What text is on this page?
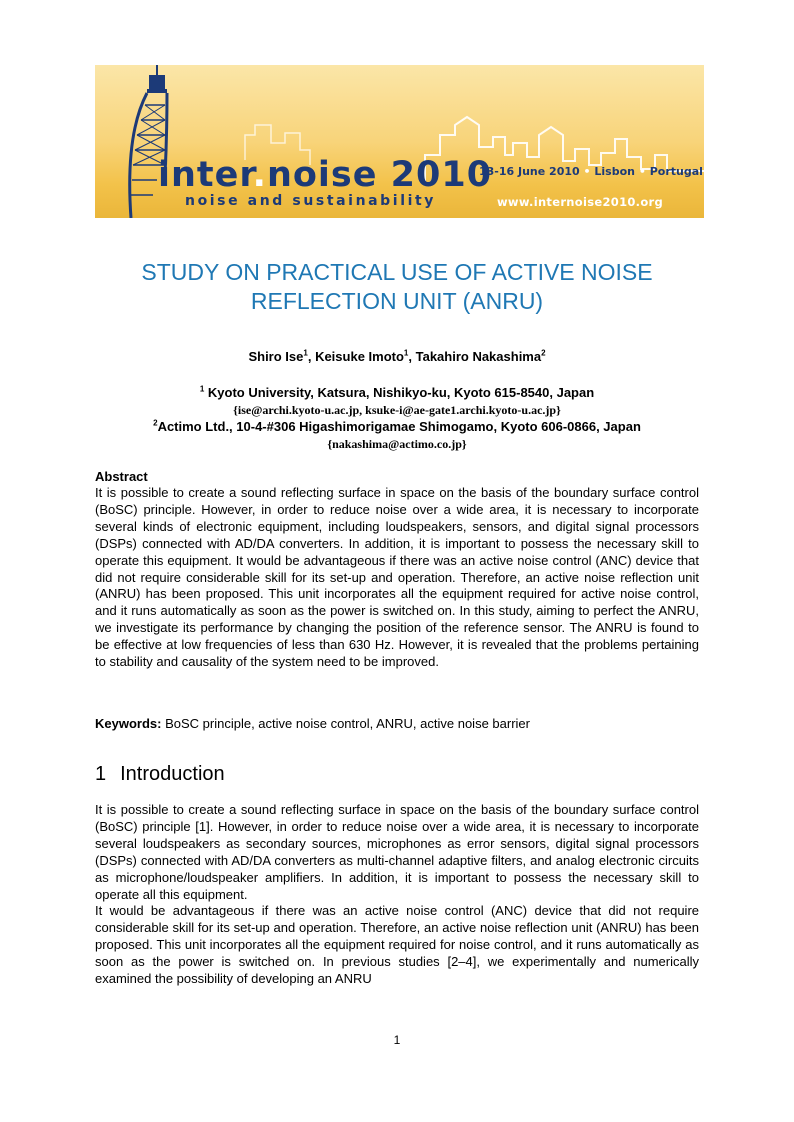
inter.noise 2010
noise and sustainability
13-16 June 2010 • Lisbon • Portugal
www.internoise2010.org
STUDY ON PRACTICAL USE OF ACTIVE NOISE
REFLECTION UNIT (ANRU)
Shiro Ise$^1$, Keisuke Imoto$^1$, Takahiro Nakashima$^2$
$^1$ Kyoto University, Katsura, Nishikyo-ku, Kyoto 615-8540, Japan
{ise@archi.kyoto-u.ac.jp, ksuke-i@ae-gate1.archi.kyoto-u.ac.jp}
$^2$Actimo Ltd., 10-4-#306 Higashimorigamae Shimogamo, Kyoto 606-0866, Japan
{nakashima@actimo.co.jp}
Abstract

It is possible to create a sound reflecting surface in space on the basis of the boundary surface control (BoSC) principle. However, in order to reduce noise over a wide area, it is necessary to incorporate several kinds of electronic equipment, including loudspeakers, sensors, and digital signal processors (DSPs) connected with AD/DA converters. In addition, it is important to possess the necessary skill to operate this equipment. It would be advantageous if there was an active noise control (ANC) device that did not require considerable skill for its set-up and operation. Therefore, an active noise reflection unit (ANRU) has been proposed. This unit incorporates all the equipment required for active noise control, and it runs automatically as soon as the power is switched on. In this study, aiming to perfect the ANRU, we investigate its performance by changing the position of the reference sensor. The ANRU is found to be effective at low frequencies of less than 630 Hz. However, it is revealed that the problems pertaining to stability and causality of the system need to be improved.

Keywords: BoSC principle, active noise control, ANRU, active noise barrier
1 Introduction

It is possible to create a sound reflecting surface in space on the basis of the boundary surface control (BoSC) principle [1]. However, in order to reduce noise over a wide area, it is necessary to incorporate several loudspeakers as secondary sources, microphones as error sensors, digital signal processors (DSPs) connected with AD/DA converters as multi-channel adaptive filters, and analog electronic circuits as microphone/loudspeaker amplifiers. In addition, it is important to possess the necessary skill to operate all this equipment.

It would be advantageous if there was an active noise control (ANC) device that did not require considerable skill for its set-up and operation. Therefore, an active noise reflection unit (ANRU) has been proposed. This unit incorporates all the equipment required for noise control, and it runs automatically as soon as the power is switched on. In previous studies [2–4], we experimentally and numerically examined the possibility of developing an ANRU

1
